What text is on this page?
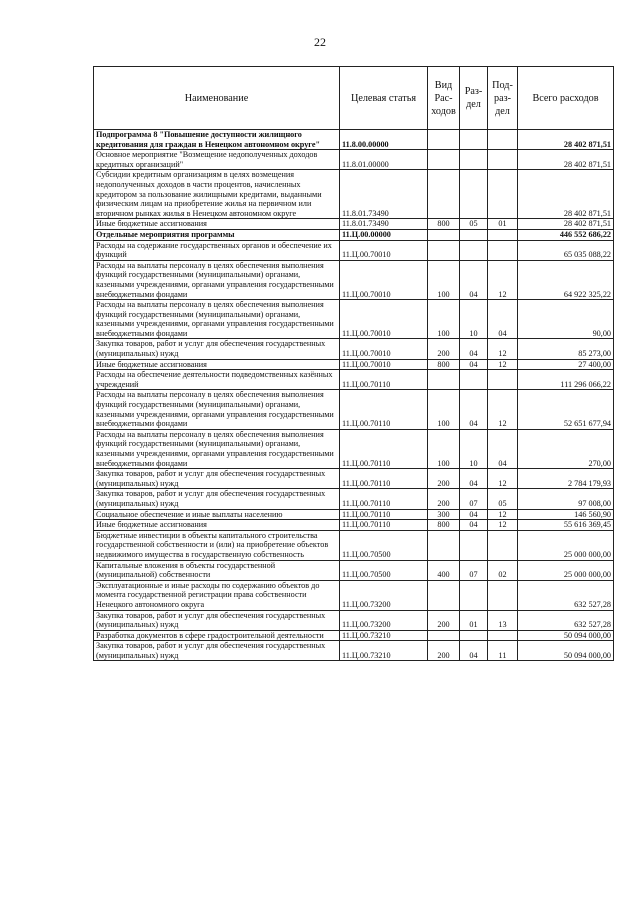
22
Наименование	Целевая статья	Вид Рас- ходов	Раз- дел	Под- раз- дел	Всего расходов
Подпрограмма 8 "Повышение доступности жилищного кредитования для граждан в Ненецком автономном округе"	11.8.00.00000				28 402 871,51
Основное мероприятие "Возмещение недополученных доходов кредитных организаций"	11.8.01.00000				28 402 871,51
Субсидии кредитным организациям в целях возмещения недополученных доходов в части процентов, начисленных кредитором за пользование жилищными кредитами, выданными физическим лицам на приобретение жилья на первичном или вторичном рынках жилья в Ненецком автономном округе	11.8.01.73490				28 402 871,51
Иные бюджетные ассигнования	11.8.01.73490	800	05	01	28 402 871,51
Отдельные мероприятия программы	11.Ц.00.00000				446 552 686,22
Расходы на содержание государственных органов и обеспечение их функций	11.Ц.00.70010				65 035 088,22
Расходы на выплаты персоналу в целях обеспечения выполнения функций государственными (муниципальными) органами, казенными учреждениями, органами управления государственными внебюджетными фондами	11.Ц.00.70010	100	04	12	64 922 325,22
Расходы на выплаты персоналу в целях обеспечения выполнения функций государственными (муниципальными) органами, казенными учреждениями, органами управления государственными внебюджетными фондами	11.Ц.00.70010	100	10	04	90,00
Закупка товаров, работ и услуг для обеспечения государственных (муниципальных) нужд	11.Ц.00.70010	200	04	12	85 273,00
Иные бюджетные ассигнования	11.Ц.00.70010	800	04	12	27 400,00
Расходы на обеспечение деятельности подведомственных казённых учреждений	11.Ц.00.70110				111 296 066,22
Расходы на выплаты персоналу в целях обеспечения выполнения функций государственными (муниципальными) органами, казенными учреждениями, органами управления государственными внебюджетными фондами	11.Ц.00.70110	100	04	12	52 651 677,94
Расходы на выплаты персоналу в целях обеспечения выполнения функций государственными (муниципальными) органами, казенными учреждениями, органами управления государственными внебюджетными фондами	11.Ц.00.70110	100	10	04	270,00
Закупка товаров, работ и услуг для обеспечения государственных (муниципальных) нужд	11.Ц.00.70110	200	04	12	2 784 179,93
Закупка товаров, работ и услуг для обеспечения государственных (муниципальных) нужд	11.Ц.00.70110	200	07	05	97 008,00
Социальное обеспечение и иные выплаты населению	11.Ц.00.70110	300	04	12	146 560,90
Иные бюджетные ассигнования	11.Ц.00.70110	800	04	12	55 616 369,45
Бюджетные инвестиции в объекты капитального строительства государственной собственности и (или) на приобретение объектов недвижимого имущества в государственную собственность	11.Ц.00.70500				25 000 000,00
Капитальные вложения в объекты государственной (муниципальной) собственности	11.Ц.00.70500	400	07	02	25 000 000,00
Эксплуатационные и иные расходы по содержанию объектов до момента государственной регистрации права собственности Ненецкого автономного округа	11.Ц.00.73200				632 527,28
Закупка товаров, работ и услуг для обеспечения государственных (муниципальных) нужд	11.Ц.00.73200	200	01	13	632 527,28
Разработка документов в сфере градостроительной деятельности	11.Ц.00.73210				50 094 000,00
Закупка товаров, работ и услуг для обеспечения государственных (муниципальных) нужд	11.Ц.00.73210	200	04	11	50 094 000,00
